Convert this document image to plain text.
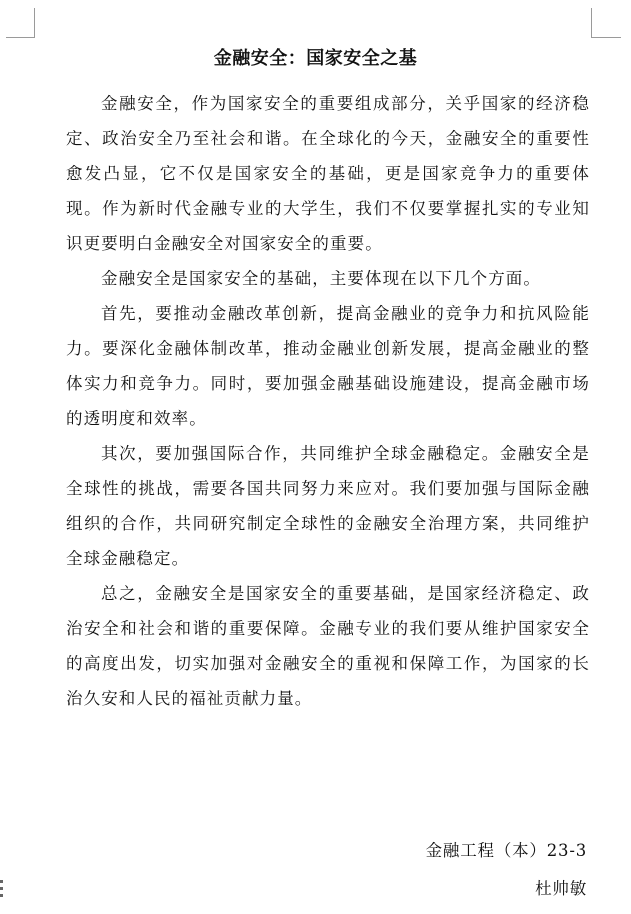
金融安全：国家安全之基

金融安全，作为国家安全的重要组成部分，关乎国家的经济稳定、政治安全乃至社会和谐。在全球化的今天，金融安全的重要性愈发凸显，它不仅是国家安全的基础，更是国家竞争力的重要体现。作为新时代金融专业的大学生，我们不仅要掌握扎实的专业知识更要明白金融安全对国家安全的重要。

金融安全是国家安全的基础，主要体现在以下几个方面。

首先，要推动金融改革创新，提高金融业的竞争力和抗风险能力。要深化金融体制改革，推动金融业创新发展，提高金融业的整体实力和竞争力。同时，要加强金融基础设施建设，提高金融市场的透明度和效率。

其次，要加强国际合作，共同维护全球金融稳定。金融安全是全球性的挑战，需要各国共同努力来应对。我们要加强与国际金融组织的合作，共同研究制定全球性的金融安全治理方案，共同维护全球金融稳定。

总之，金融安全是国家安全的重要基础，是国家经济稳定、政治安全和社会和谐的重要保障。金融专业的我们要从维护国家安全的高度出发，切实加强对金融安全的重视和保障工作，为国家的长治久安和人民的福祉贡献力量。

金融工程（本）23-3
杜帅敏
